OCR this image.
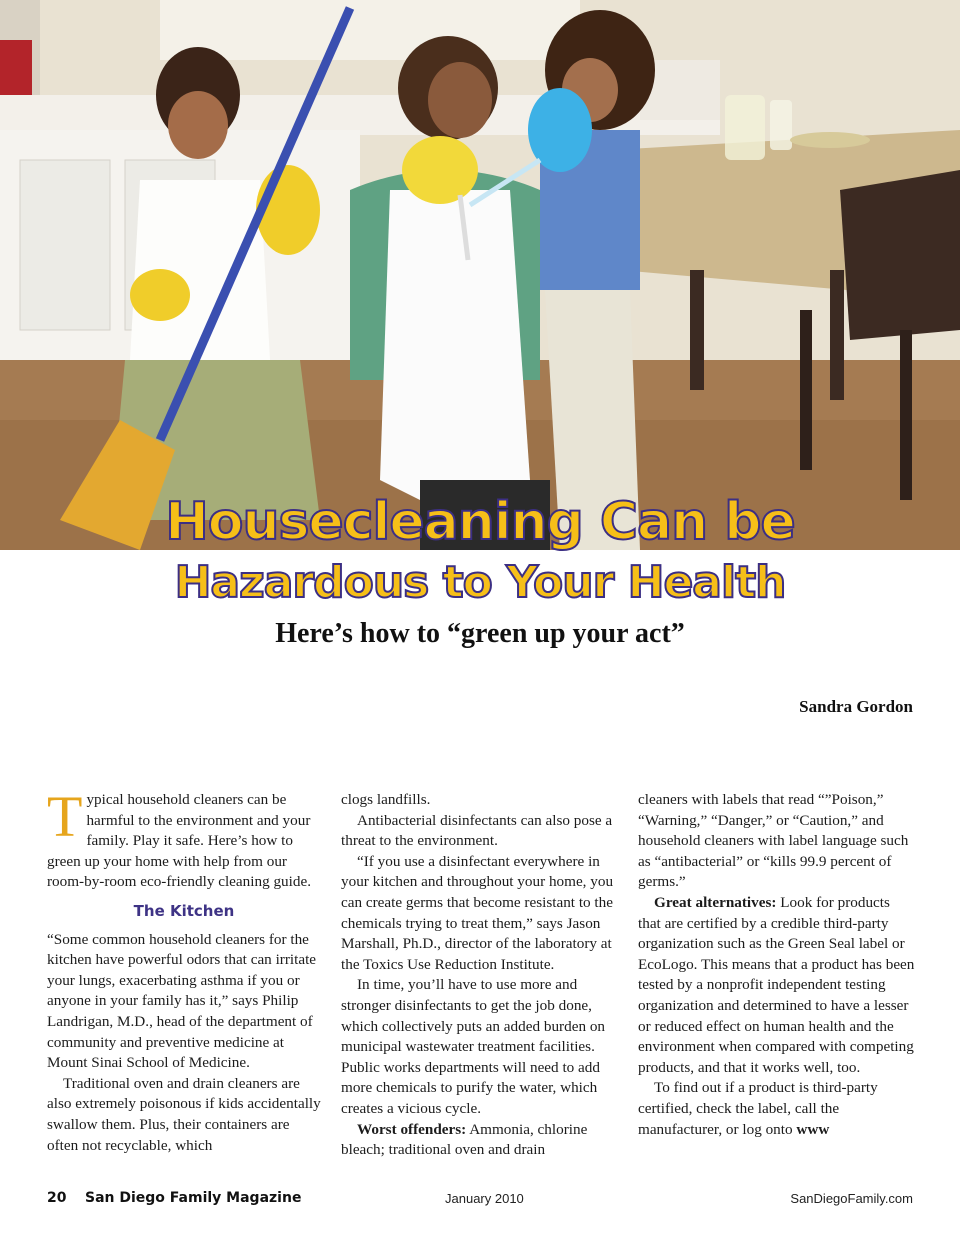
Housecleaning Can be
Hazardous to Your Health
Here’s how to “green up your act”
Sandra Gordon

Typical household cleaners can be harmful to the environment and your family. Play it safe. Here’s how to green up your home with help from our room-by-room eco-friendly cleaning guide.

The Kitchen

“Some common household cleaners for the kitchen have powerful odors that can irritate your lungs, exacerbating asthma if you or anyone in your family has it,” says Philip Landrigan, M.D., head of the department of community and preventive medicine at Mount Sinai School of Medicine.

Traditional oven and drain cleaners are also extremely poisonous if kids accidentally swallow them. Plus, their containers are often not recyclable, which

clogs landfills.

Antibacterial disinfectants can also pose a threat to the environment.

“If you use a disinfectant everywhere in your kitchen and throughout your home, you can create germs that become resistant to the chemicals trying to treat them,” says Jason Marshall, Ph.D., director of the laboratory at the Toxics Use Reduction Institute.

In time, you’ll have to use more and stronger disinfectants to get the job done, which collectively puts an added burden on municipal wastewater treatment facilities. Public works departments will need to add more chemicals to purify the water, which creates a vicious cycle.

Worst offenders: Ammonia, chlorine bleach; traditional oven and drain

cleaners with labels that read “”Poison,” “Warning,” “Danger,” or “Caution,” and household cleaners with label language such as “antibacterial” or “kills 99.9 percent of germs.”

Great alternatives: Look for products that are certified by a credible third-party organization such as the Green Seal label or EcoLogo. This means that a product has been tested by a nonprofit independent testing organization and determined to have a lesser or reduced effect on human health and the environment when compared with competing products, and that it works well, too.

To find out if a product is third-party certified, check the label, call the manufacturer, or log onto www

20 San Diego Family Magazine	January 2010	SanDiegoFamily.com
